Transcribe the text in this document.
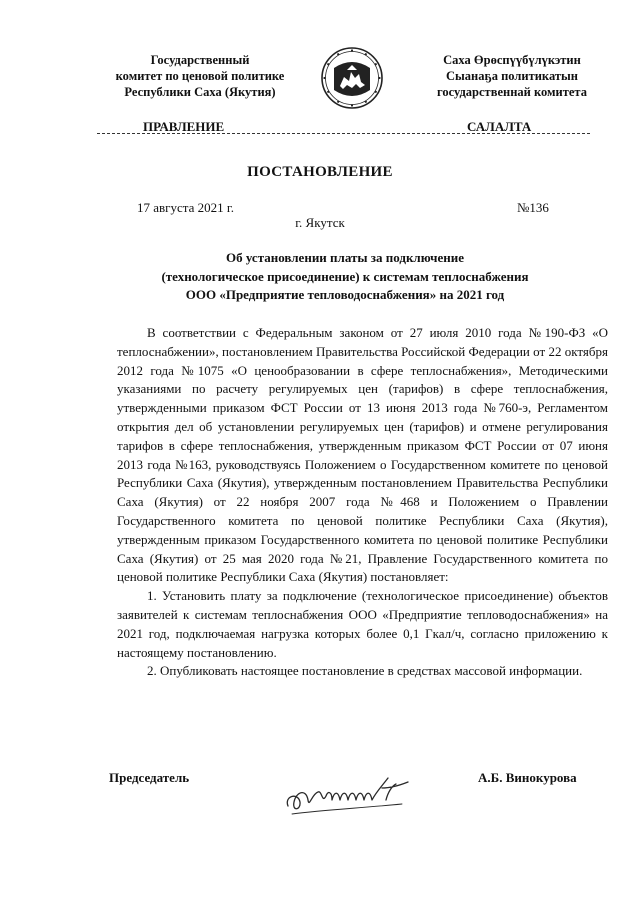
Государственный
комитет по ценовой политике
Республики Саха (Якутия)
Саха Өрөспүүбүлүкэтин
Сыанаҕа политикатын
государственнай комитета
ПРАВЛЕНИЕ	САЛАЛТА
ПОСТАНОВЛЕНИЕ
17 августа 2021 г.	№136
г. Якутск
Об установлении платы за подключение
(технологическое присоединение) к системам теплоснабжения
ООО «Предприятие тепловодоснабжения» на 2021 год

В соответствии с Федеральным законом от 27 июля 2010 года №190-ФЗ «О теплоснабжении», постановлением Правительства Российской Федерации от 22 октября 2012 года №1075 «О ценообразовании в сфере теплоснабжения», Методическими указаниями по расчету регулируемых цен (тарифов) в сфере теплоснабжения, утвержденными приказом ФСТ России от 13 июня 2013 года №760-э, Регламентом открытия дел об установлении регулируемых цен (тарифов) и отмене регулирования тарифов в сфере теплоснабжения, утвержденным приказом ФСТ России от 07 июня 2013 года №163, руководствуясь Положением о Государственном комитете по ценовой Республики Саха (Якутия), утвержденным постановлением Правительства Республики Саха (Якутия) от 22 ноября 2007 года №468 и Положением о Правлении Государственного комитета по ценовой политике Республики Саха (Якутия), утвержденным приказом Государственного комитета по ценовой политике Республики Саха (Якутия) от 25 мая 2020 года №21, Правление Государственного комитета по ценовой политике Республики Саха (Якутия) постановляет:

1. Установить плату за подключение (технологическое присоединение) объектов заявителей к системам теплоснабжения ООО «Предприятие тепловодоснабжения» на 2021 год, подключаемая нагрузка которых более 0,1 Гкал/ч, согласно приложению к настоящему постановлению.

2. Опубликовать настоящее постановление в средствах массовой информации.

Председатель	А.Б. Винокурова
